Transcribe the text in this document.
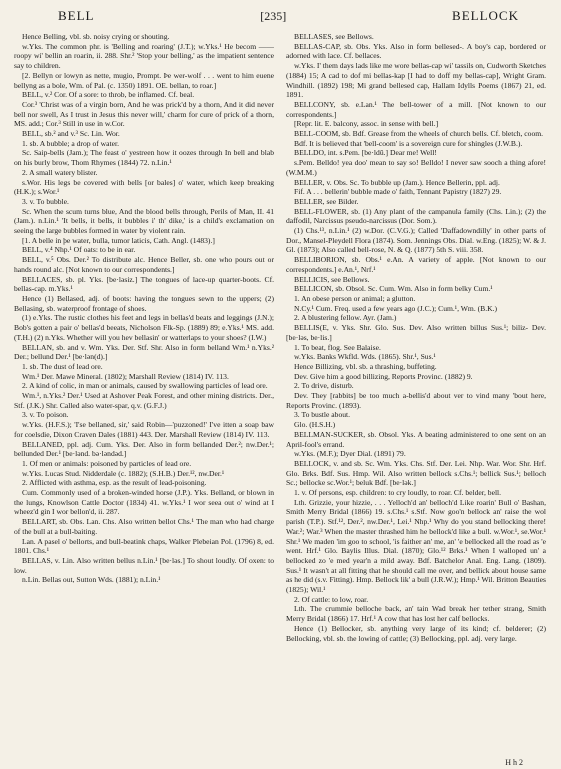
BELL	[235]	BELLOCK

Hence Belling, vbl. sb. noisy crying or shouting.

w.Yks. The common phr. is 'Belling and roaring' (J.T.); w.Yks.¹ He becom —— roopy wi' bellin an roarin, ii. 288. Shr.² 'Stop your belling,' as the impatient sentence say to children.

[2. Bellyn or lowyn as nette, mugio, Prompt. Þe wer-wolf . . . went to him euene bellyng as a bole, Wm. of Pal. (c. 1350) 1891. OE. bellan, to roar.]

BELL, v.² Cor. Of a sore: to throb, be inflamed. Cf. beal.

Cor.³ 'Christ was of a virgin born, And he was prick'd by a thorn, And it did never bell nor swell, As I trust in Jesus this never will,' charm for cure of prick of a thorn, MS. add.; Cor.³ Still in use in w.Cor.

BELL, sb.² and v.³ Sc. Lin. Wor.

1. sb. A bubble; a drop of water.

Sc. Saip-bells (Jam.); The feast o' yestreen how it oozes through In bell and blab on his burly brow, Thom Rhymes (1844) 72. n.Lin.¹

2. A small watery blister.

s.Wor. His legs be covered with bells [or bales] o' water, which keep breaking (H.K.); s.Wor.¹

3. v. To bubble.

Sc. When the scum turns blue, And the blood bells through, Perils of Man, II. 41 (Jam.). n.Lin.¹ 'It bells, it bells, it bubbles i' th' dike,' is a child's exclamation on seeing the large bubbles formed in water by violent rain.

[1. A belle in þe water, bulla, tumor laticis, Cath. Angl. (1483).]

BELL, v.⁴ Nhp.¹ Of oats: to be in ear.

BELL, v.⁵ Obs. Der.² To distribute alc. Hence Beller, sb. one who pours out or hands round alc. [Not known to our correspondents.]

BELLACES, sb. pl. Yks. [be·ləsiz.] The tongues of lace-up quarter-boots. Cf. bellas-cap. m.Yks.¹

Hence (1) Bellased, adj. of boots: having the tongues sewn to the uppers; (2) Bellasing, sb. waterproof frontage of shoes.

(1) e.Yks. The rustic clothes his feet and legs in bellas'd beats and leggings (J.N.); Bob's gotten a pair o' bellas'd beeats, Nicholson Flk-Sp. (1889) 89; e.Yks.¹ MS. add. (T.H.) (2) n.Yks. Whether will you hev bellasin' or watterlaps to your shoes? (I.W.)

BELLAN, sb. and v. Wm. Yks. Der. Stf. Shr. Also in form belland Wm.¹ n.Yks.² Der.; bellund Der.¹ [be·lən(d).]

1. sb. The dust of lead ore.

Wm.¹ Der. Mawe Mineral. (1802); Marshall Review (1814) IV. 113.

2. A kind of colic, in man or animals, caused by swallowing particles of lead ore.

Wm.¹, n.Yks.² Der.¹ Used at Ashover Peak Forest, and other mining districts. Der., Stf. (J.K.) Shr. Called also water-spar, q.v. (G.F.J.)

3. v. To poison.

w.Yks. (H.F.S.); 'I'se bellaned, sir,' said Robin—'puzzoned!' I've itten a soap baw for coelsdie, Dixon Craven Dales (1881) 443. Der. Marshall Review (1814) IV. 113.

BELLANED, ppl. adj. Cum. Yks. Der. Also in form bellanded Der.²; nw.Der.¹; bellunded Der.¹ [be·lənd. bə·ləndəd.]

1. Of men or animals: poisoned by particles of lead ore.

w.Yks. Lucas Stud. Nidderdale (c. 1882); (S.H.B.) Der.¹², nw.Der.¹

2. Afflicted with asthma, esp. as the result of lead-poisoning.

Cum. Commonly used of a broken-winded horse (J.P.). Yks. Belland, or blown in the lungs, Knowlson Cattle Doctor (1834) 41. w.Yks.¹ I wor seea out o' wind at I wheez'd gin I wor bellon'd, ii. 287.

BELLART, sb. Obs. Lan. Chs. Also written bellot Chs.¹ The man who had charge of the bull at a bull-baiting.

Lan. A pasel o' bellorts, and bull-beatink chaps, Walker Plebeian Pol. (1796) 8, ed. 1801. Chs.¹

BELLAS, v. Lin. Also written bellus n.Lin.¹ [be·ləs.] To shout loudly. Of oxen: to low.

n.Lin. Bellas out, Sutton Wds. (1881); n.Lin.¹

BELLASES, see Bellows.

BELLAS-CAP, sb. Obs. Yks. Also in form bellesed-. A boy's cap, bordered or adorned with lace. Cf. bellaces.

w.Yks. I' them days lads like me wore bellas-cap wi' tassils on, Cudworth Sketches (1884) 15; A cad to dof mi bellas-kap [I had to doff my bellas-cap], Wright Gram. Windhill. (1892) 198; Mi grand bellesed cap, Hallam Idylls Poems (1867) 21, ed. 1891.

BELLCONY, sb. e.Lan.¹ The bell-tower of a mill. [Not known to our correspondents.]

[Repr. lit. E. balcony, assoc. in sense with bell.]

BELL-COOM, sb. Bdf. Grease from the wheels of church bells. Cf. bletch, coom.

Bdf. It is believed that 'bell-coom' is a sovereign cure for shingles (J.W.B.).

BELLDO, int. s.Pem. [be·ldū.] Dear me! Well!

s.Pem. Belldo! yea doo' mean to say so! Belldo! I never saw sooch a thing afore! (W.M.M.)

BELLER, v. Obs. Sc. To bubble up (Jam.). Hence Bellerin, ppl. adj.

Fif. A . . . bellerin' bubble made o' faith, Tennant Papistry (1827) 29.

BELLER, see Bilder.

BELL-FLOWER, sb. (1) Any plant of the campanula family (Chs. Lin.); (2) the daffodil, Narcissus pseudo-narcissus (Dor. Som.).

(1) Chs.¹³, n.Lin.¹ (2) w.Dor. (C.V.G.); Called 'Daffadowndilly' in other parts of Dor., Mansel-Pleydell Flora (1874). Som. Jennings Obs. Dial. w.Eng. (1825); W. & J. Gl. (1873); Also called bell-rose, N. & Q. (1877) 5th S. viii. 358.

BELLIBORION, sb. Obs.¹ e.An. A variety of apple. [Not known to our correspondents.] e.An.¹, Nrf.¹

BELLICIS, see Bellows.

BELLICON, sb. Obsol. Sc. Cum. Wm. Also in form belky Cum.¹

1. An obese person or animal; a glutton.

N.Cy.¹ Cum. Freq. used a few years ago (J.C.); Cum.¹, Wm. (B.K.)

2. A blustering fellow. Ayr. (Jam.)

BELLIS(E, v. Yks. Shr. Glo. Sus. Dev. Also written billus Sus.¹; biliz- Dev. [be·ləs, be·lis.]

1. To beat, flog. See Balaise.

w.Yks. Banks Wkfld. Wds. (1865). Shr.¹, Sus.¹

Hence Billizing, vbl. sb. a thrashing, buffeting.

Dev. Give him a good billizing, Reports Provinc. (1882) 9.

2. To drive, disturb.

Dev. They [rabbits] be too much a-bellis'd about ver to vind many 'bout here, Reports Provinc. (1893).

3. To bustle about.

Glo. (H.S.H.)

BELLMAN-SUCKER, sb. Obsol. Yks. A beating administered to one sent on an April-fool's errand.

w.Yks. (M.F.); Dyer Dial. (1891) 79.

BELLOCK, v. and sb. Sc. Wm. Yks. Chs. Stf. Der. Lei. Nhp. War. Wor. Shr. Hrf. Glo. Brks. Bdf. Sus. Hmp. Wil. Also written bellock s.Chs.¹; bellick Sus.¹; belloch Sc.; bellocke sc.Wor.¹; beluk Bdf. [be·lək.]

1. v. Of persons, esp. children: to cry loudly, to roar. Cf. belder, bell.

Lth. Grizzie, your hizzie, . . . Yelloch'd an' belloch'd Like roarin' Bull o' Bashan, Smith Merry Bridal (1866) 19. s.Chs.¹ s.Stf. Now goo'n bellock an' raise the wol parish (T.P.). Stf.¹², Der.², nw.Der.¹, Lei.¹ Nhp.¹ Why do you stand bellocking there! War.²; War.³ When the master thrashed him he bellock'd like a bull. w.Wor.¹, se.Wor.¹ Shr.¹ We maden 'im goo to school, 'is faither an' me, an' 'e bellocked all the road as 'e went. Hrf.¹ Glo. Baylis Illus. Dial. (1870); Glo.¹² Brks.¹ When I walloped un' a bellocked zo 'e med year'n a mild away. Bdf. Batchelor Anal. Eng. Lang. (1809). Sus.¹ It wasn't at all fitting that he should call me over, and bellick about house same as he did (s.v. Fitting). Hmp. Bellock lik' a bull (J.R.W.); Hmp.¹ Wil. Britton Beauties (1825); Wil.¹

2. Of cattle: to low, roar.

Lth. The crummie belloche back, an' tain Wad break her tether strang, Smith Merry Bridal (1866) 17. Hrf.¹ A cow that has lost her calf bellocks.

Hence (1) Bellocker, sb. anything very large of its kind; cf. belderer; (2) Bellocking, vbl. sb. the lowing of cattle; (3) Bellocking, ppl. adj. very large.

H h 2
